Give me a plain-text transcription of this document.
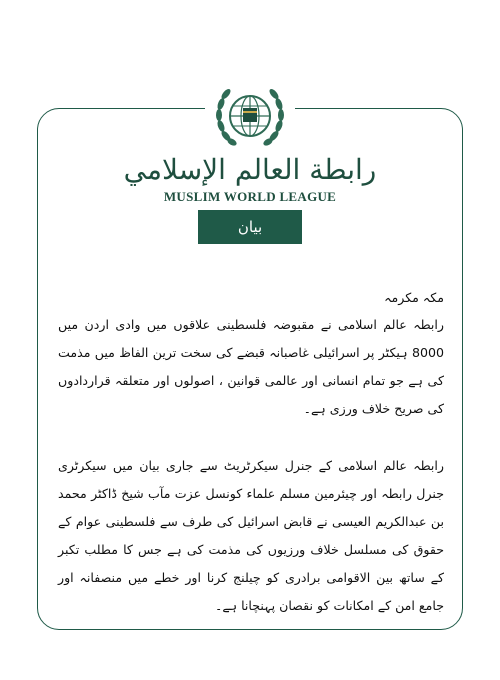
رابطة العالم الإسلامي
MUSLIM WORLD LEAGUE
بیان
مکہ مکرمہ

رابطہ عالم اسلامی نے مقبوضہ فلسطینی علاقوں میں وادی اردن میں 8000 ہیکٹر پر اسرائیلی غاصبانہ قبضے کی سخت ترین الفاظ میں مذمت کی ہے جو تمام انسانی اور عالمی قوانین ، اصولوں اور متعلقہ قراردادوں کی صریح خلاف ورزی ہے۔

رابطہ عالم اسلامی کے جنرل سیکرٹریٹ سے جاری بیان میں سیکرٹری جنرل رابطہ اور چیئرمین مسلم علماء کونسل عزت مآب شیخ ڈاکٹر محمد بن عبدالکریم العیسی نے قابض اسرائیل کی طرف سے فلسطینی عوام کے حقوق کی مسلسل خلاف ورزیوں کی مذمت کی ہے جس کا مطلب تکبر کے ساتھ بین الاقوامی برادری کو چیلنج کرنا اور خطے میں منصفانہ اور جامع امن کے امکانات کو نقصان پہنچانا ہے۔
